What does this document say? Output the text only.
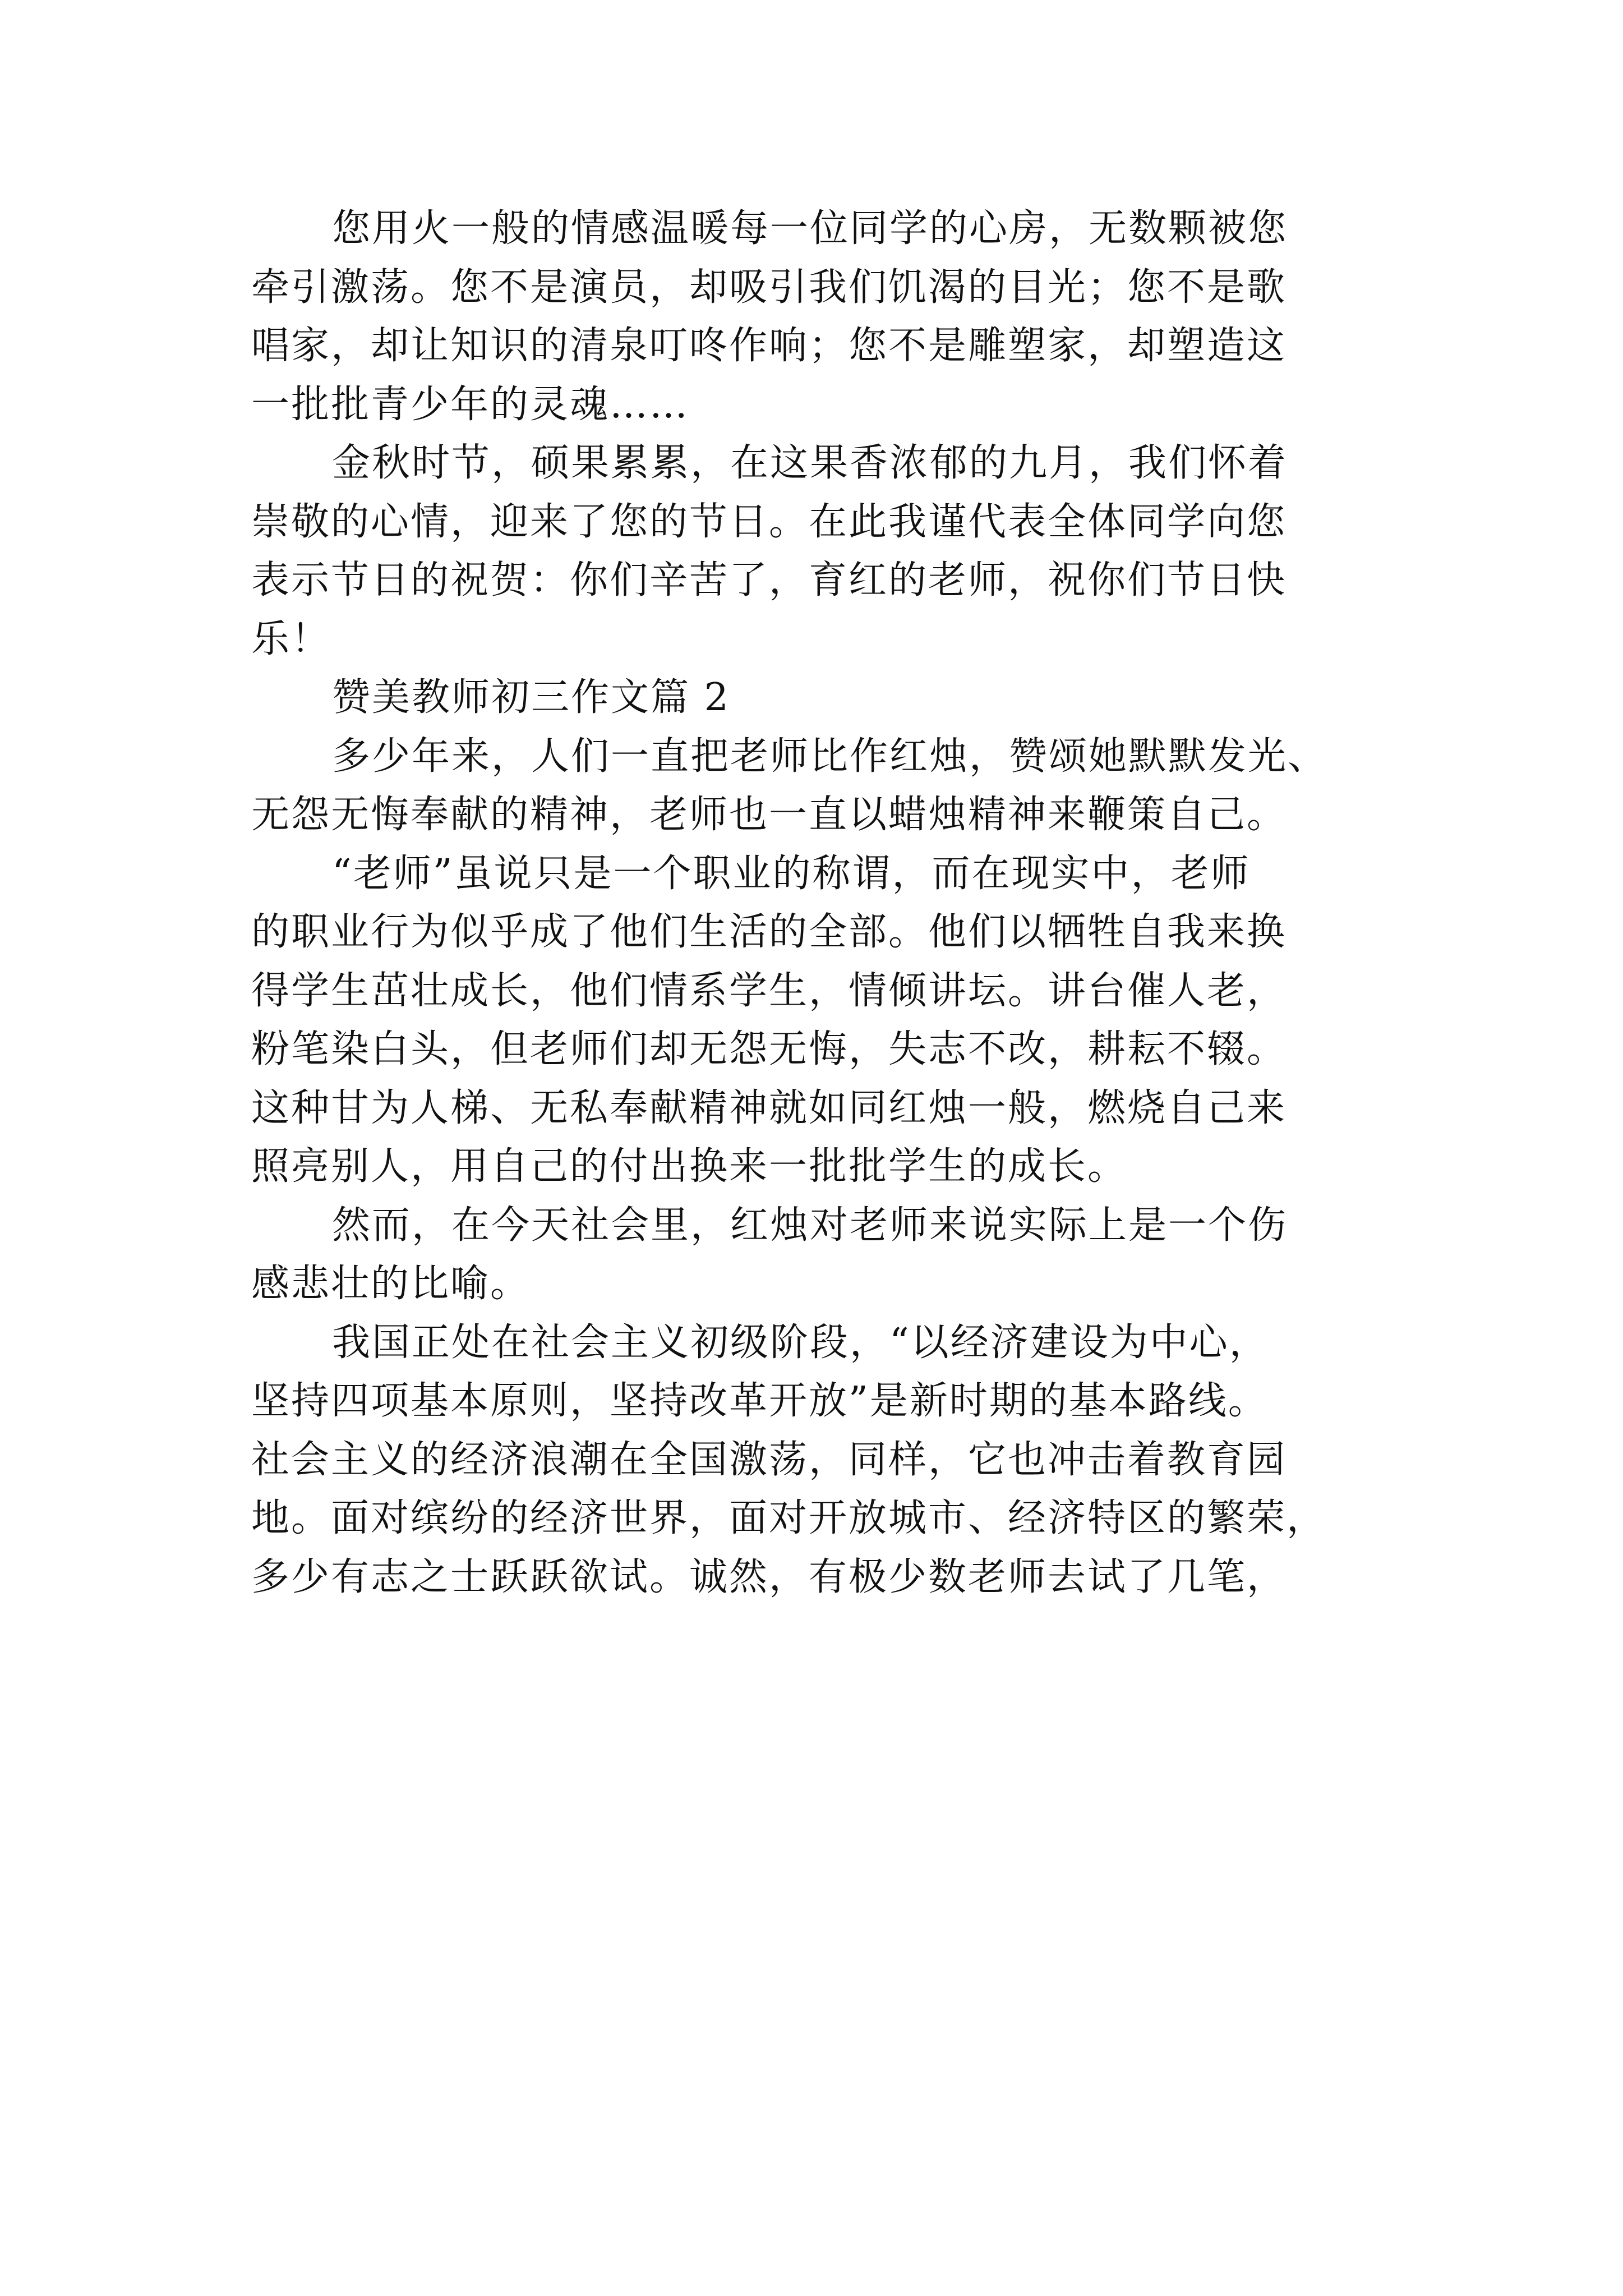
您用火一般的情感温暖每一位同学的心房，无数颗被您
牵引激荡。您不是演员，却吸引我们饥渴的目光；您不是歌
唱家，却让知识的清泉叮咚作响；您不是雕塑家，却塑造这
一批批青少年的灵魂……
金秋时节，硕果累累，在这果香浓郁的九月，我们怀着
崇敬的心情，迎来了您的节日。在此我谨代表全体同学向您
表示节日的祝贺：你们辛苦了，育红的老师，祝你们节日快
乐！
赞美教师初三作文篇 2
多少年来，人们一直把老师比作红烛，赞颂她默默发光、
无怨无悔奉献的精神，老师也一直以蜡烛精神来鞭策自己。
“老师”虽说只是一个职业的称谓，而在现实中，老师
的职业行为似乎成了他们生活的全部。他们以牺牲自我来换
得学生茁壮成长，他们情系学生，情倾讲坛。讲台催人老，
粉笔染白头，但老师们却无怨无悔，失志不改，耕耘不辍。
这种甘为人梯、无私奉献精神就如同红烛一般，燃烧自己来
照亮别人，用自己的付出换来一批批学生的成长。
然而，在今天社会里，红烛对老师来说实际上是一个伤
感悲壮的比喻。
我国正处在社会主义初级阶段，“以经济建设为中心，
坚持四项基本原则，坚持改革开放”是新时期的基本路线。
社会主义的经济浪潮在全国激荡，同样，它也冲击着教育园
地。面对缤纷的经济世界，面对开放城市、经济特区的繁荣，
多少有志之士跃跃欲试。诚然，有极少数老师去试了几笔，
